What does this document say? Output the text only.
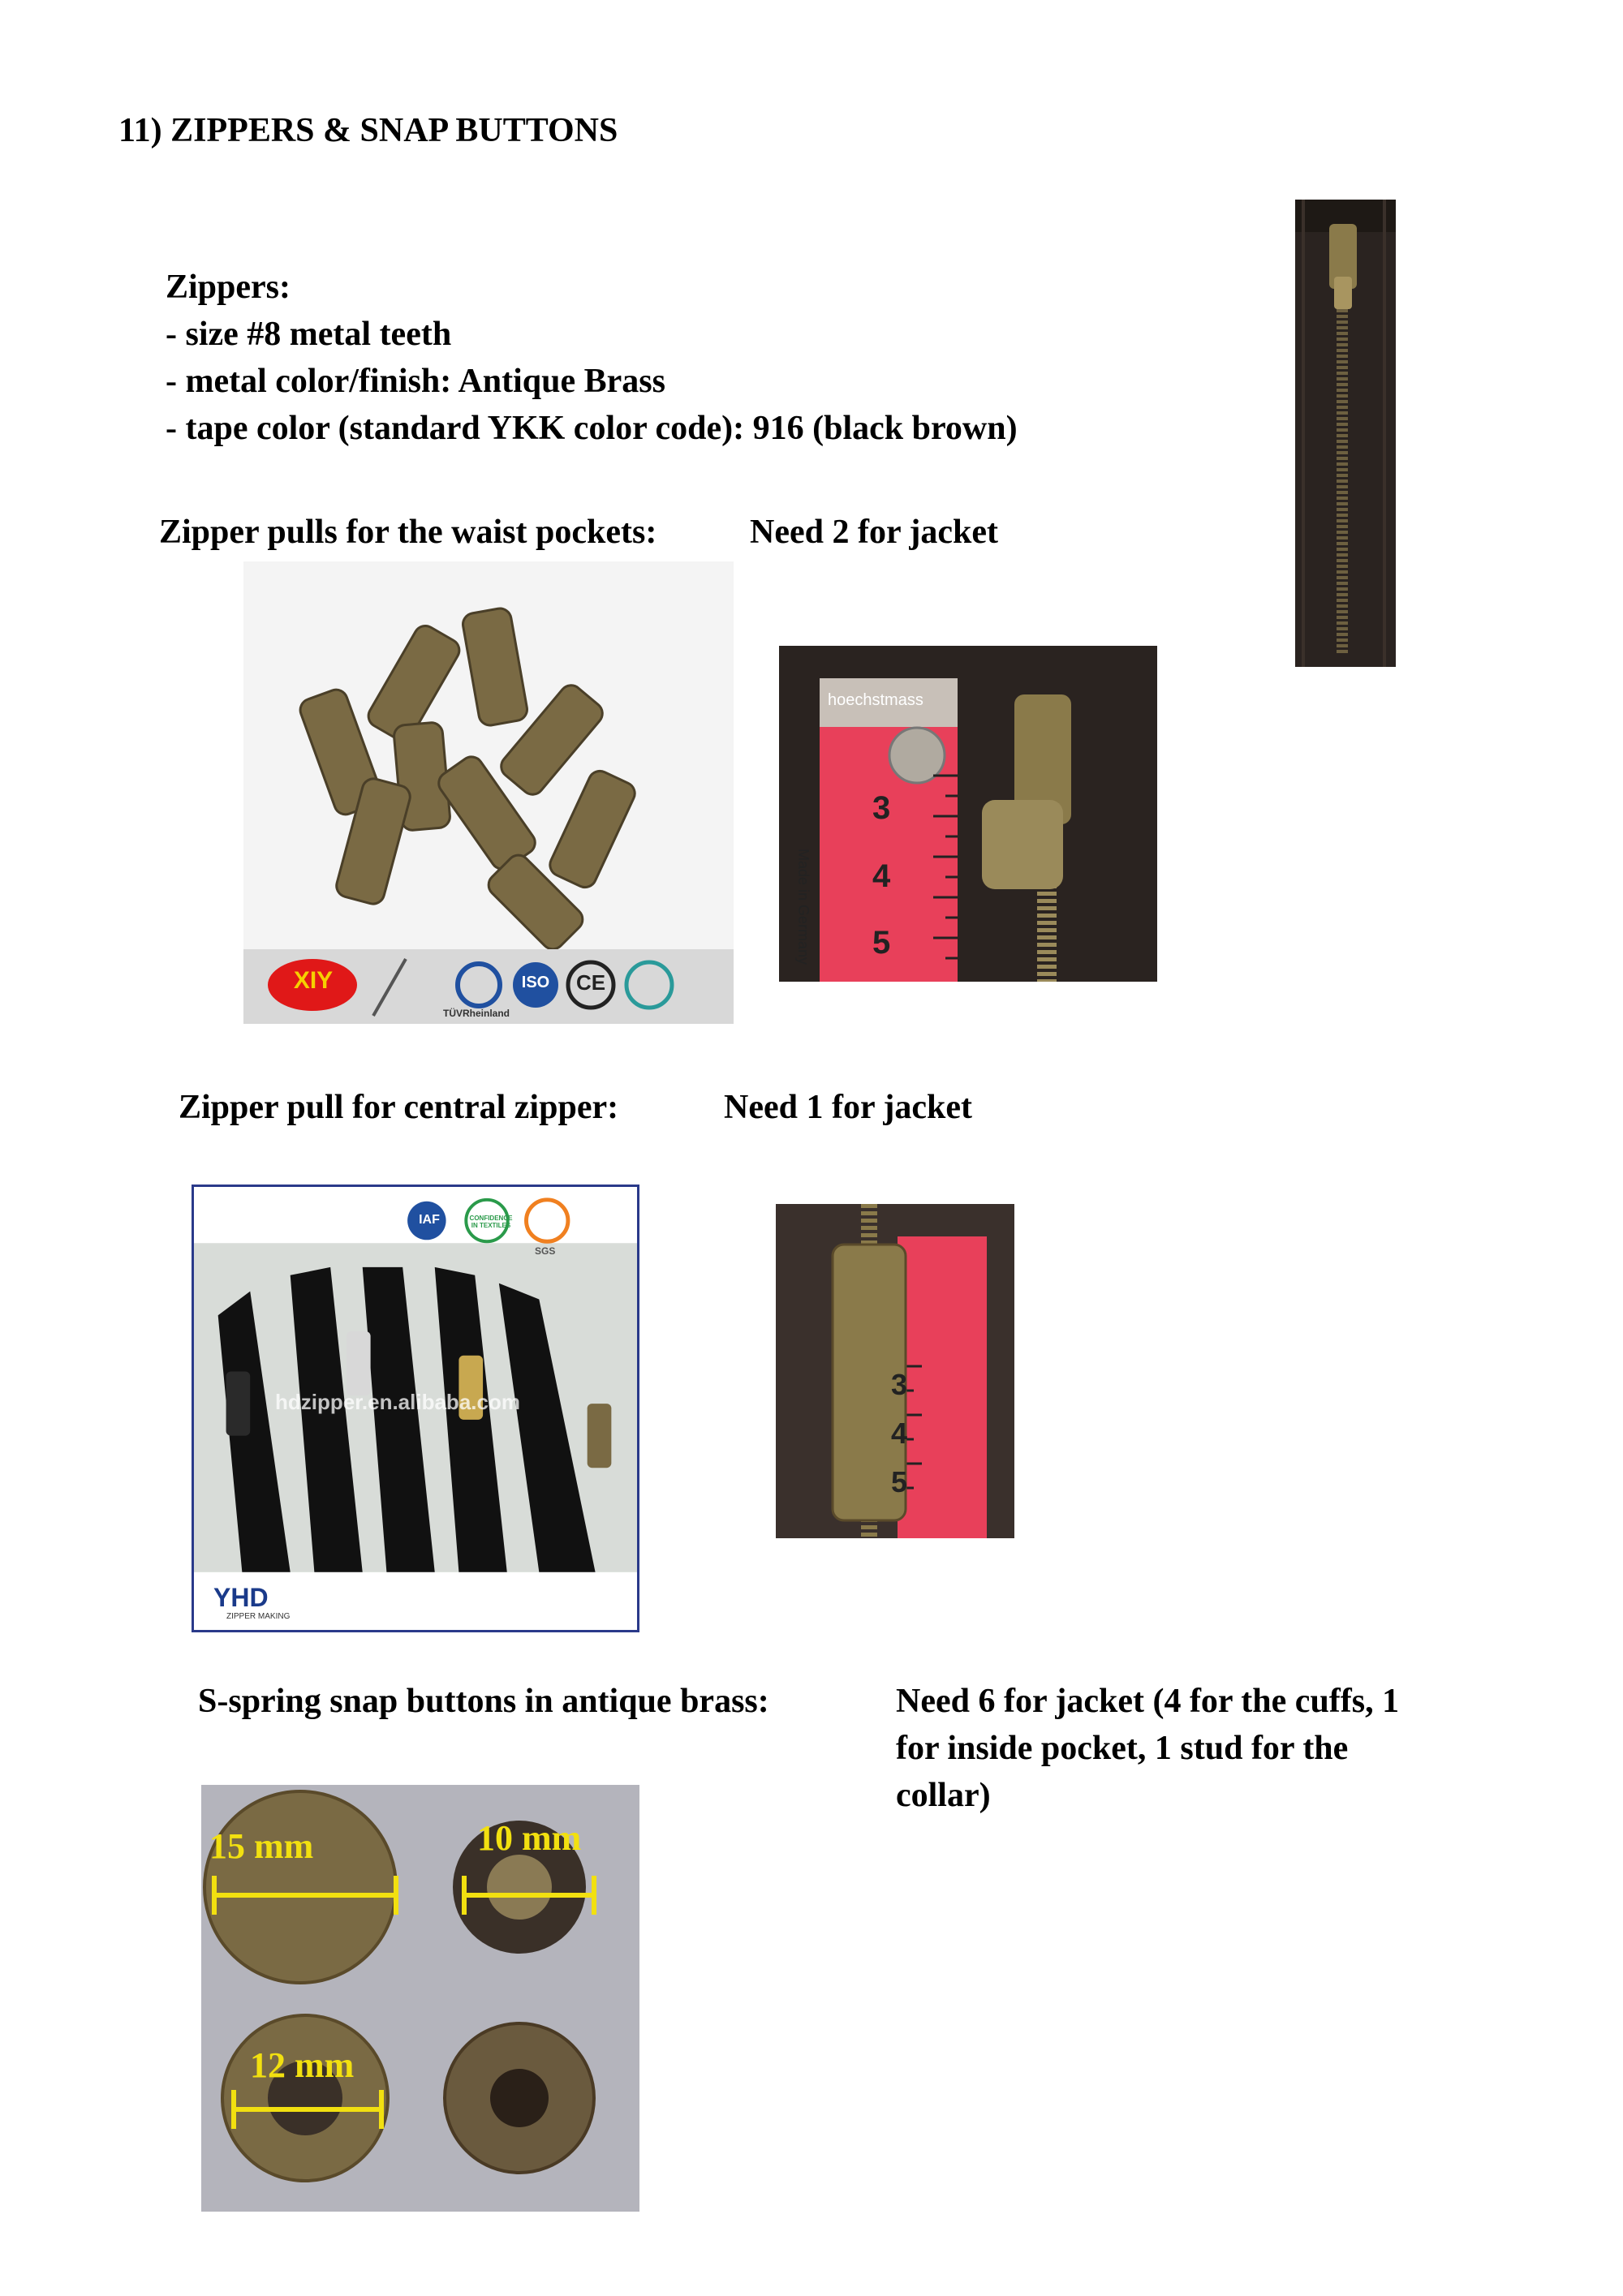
11) ZIPPERS & SNAP BUTTONS
Zippers:
- size #8 metal teeth
- metal color/finish: Antique Brass
- tape color (standard YKK color code): 916 (black brown)
Zipper pulls for the waist pockets:	Need 2 for jacket
XIY
TÜVRheinland
ISO CE
hoechstmass
Made in Germany
3
4
5
Zipper pull for central zipper:	Need 1 for jacket
IAF	CONFIDENCE IN TEXTILES
SGS
hdzipper.en.alibaba.com
YHD
ZIPPER MAKING
3
4
5
S-spring snap buttons in antique brass:	Need 6 for jacket (4 for the cuffs, 1 for inside pocket, 1 stud for the collar)
15 mm	10 mm
12 mm
